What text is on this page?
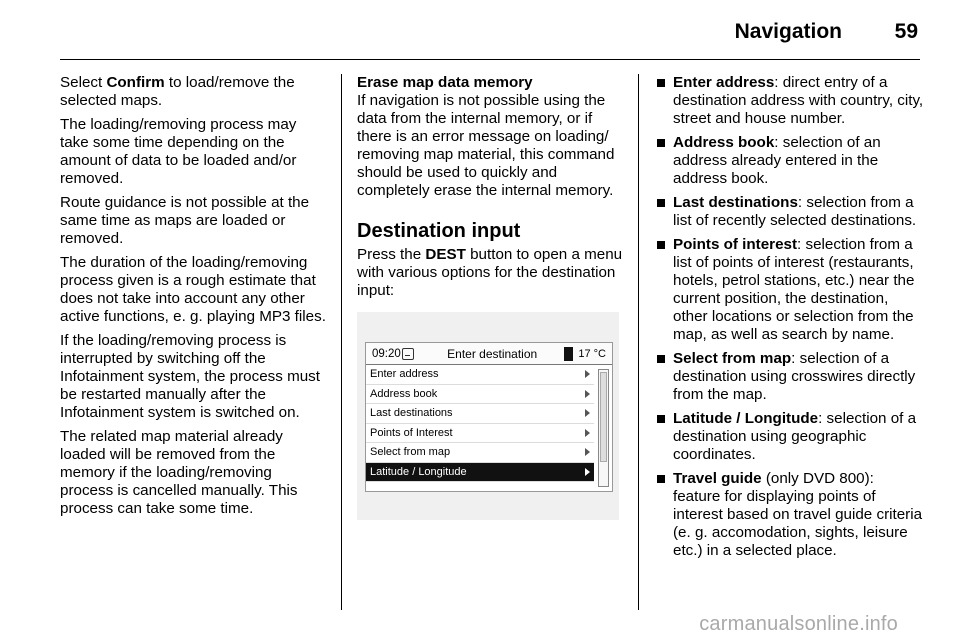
Navigation	59

Select Confirm to load/remove the selected maps.

The loading/removing process may take some time depending on the amount of data to be loaded and/or removed.

Route guidance is not possible at the same time as maps are loaded or removed.

The duration of the loading/removing process given is a rough estimate that does not take into account any other active functions, e. g. playing MP3 files.

If the loading/removing process is interrupted by switching off the Infotainment system, the process must be restarted manually after the Infotainment system is switched on.

The related map material already loaded will be removed from the memory if the loading/removing process is cancelled manually. This process can take some time.

Erase map data memory

If navigation is not possible using the data from the internal memory, or if there is an error message on loading/ removing map material, this command should be used to quickly and completely erase the internal memory.

Destination input

Press the DEST button to open a menu with various options for the destination input:

09:20	Enter destination	17 °C
Enter address
Address book
Last destinations
Points of Interest
Select from map
Latitude / Longitude
Enter address: direct entry of a destination address with country, city, street and house number.
Address book: selection of an address already entered in the address book.
Last destinations: selection from a list of recently selected destinations.
Points of interest: selection from a list of points of interest (restaurants, hotels, petrol stations, etc.) near the current position, the destination, other locations or selection from the map, as well as search by name.
Select from map: selection of a destination using crosswires directly from the map.
Latitude / Longitude: selection of a destination using geographic coordinates.
Travel guide (only DVD 800): feature for displaying points of interest based on travel guide criteria (e. g. accomodation, sights, leisure etc.) in a selected place.
carmanualsonline.info
